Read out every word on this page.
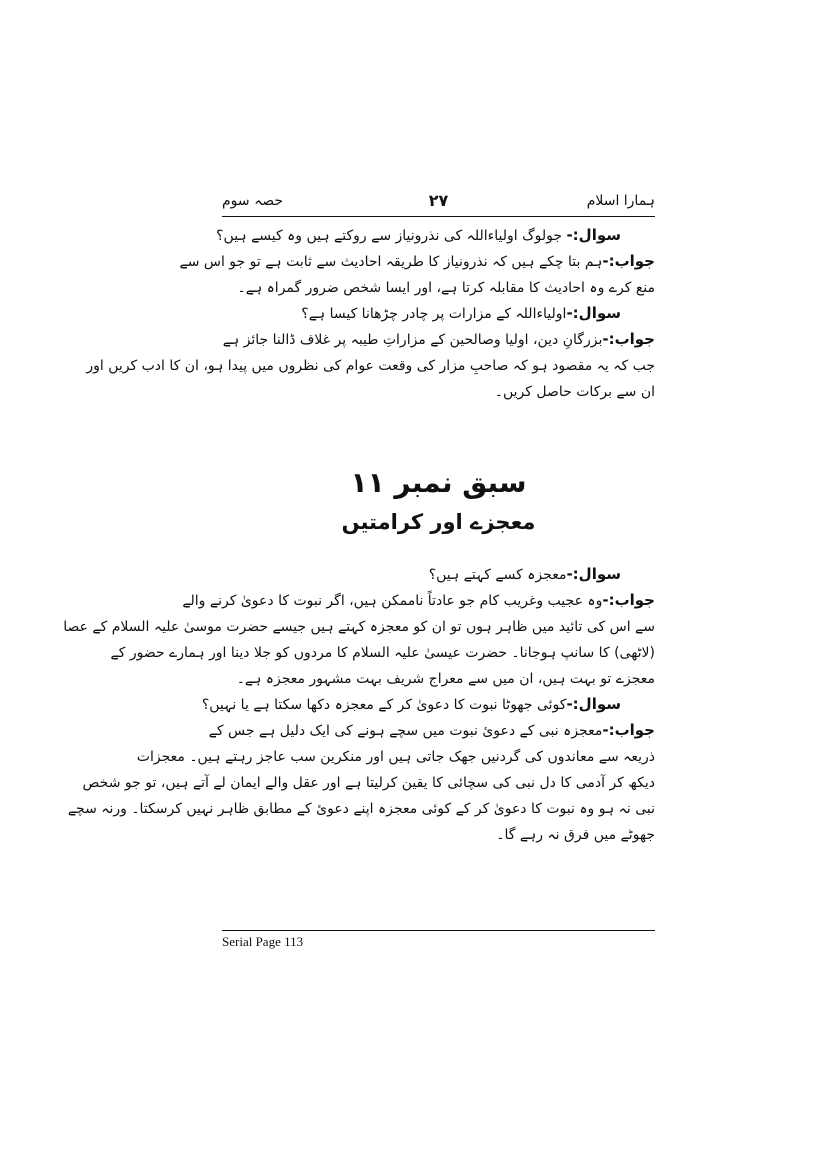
ہمارا اسلام
۲۷
حصہ سوم
سوال:- جولوگ اولیاءاللہ کی نذرونیاز سے روکتے ہیں وہ کیسے ہیں؟
جواب:-ہم بتا چکے ہیں کہ نذرونیاز کا طریقہ احادیث سے ثابت ہے تو جو اس سے
منع کرے وہ احادیث کا مقابلہ کرتا ہے، اور ایسا شخص ضرور گمراہ ہے۔
سوال:-اولیاءاللہ کے مزارات پر چادر چڑھانا کیسا ہے؟
جواب:-بزرگانِ دین، اولیا وصالحین کے مزاراتِ طیبہ پر غلاف ڈالنا جائز ہے
جب کہ یہ مقصود ہو کہ صاحبِ مزار کی وقعت عوام کی نظروں میں پیدا ہو، ان کا ادب کریں اور
ان سے برکات حاصل کریں۔
سبق نمبر ۱۱
معجزے اور کرامتیں
سوال:-معجزہ کسے کہتے ہیں؟
جواب:-وہ عجیب وغریب کام جو عادتاً ناممکن ہیں، اگر نبوت کا دعویٰ کرنے والے
سے اس کی تائید میں ظاہر ہوں تو ان کو معجزہ کہتے ہیں جیسے حضرت موسیٰ علیہ السلام کے عصا
(لاٹھی) کا سانپ ہوجانا۔ حضرت عیسیٰ علیہ السلام کا مردوں کو جلا دینا اور ہمارے حضور کے
معجزے تو بہت ہیں، ان میں سے معراج شریف بہت مشہور معجزہ ہے۔
سوال:-کوئی جھوٹا نبوت کا دعویٰ کر کے معجزہ دکھا سکتا ہے یا نہیں؟
جواب:-معجزہ نبی کے دعوئ نبوت میں سچے ہونے کی ایک دلیل ہے جس کے
ذریعہ سے معاندوں کی گردنیں جھک جاتی ہیں اور منکرین سب عاجز رہتے ہیں۔ معجزات
دیکھ کر آدمی کا دل نبی کی سچائی کا یقین کرلیتا ہے اور عقل والے ایمان لے آتے ہیں، تو جو شخص
نبی نہ ہو وہ نبوت کا دعویٰ کر کے کوئی معجزہ اپنے دعوئ کے مطابق ظاہر نہیں کرسکتا۔ ورنہ سچے
جھوٹے میں فرق نہ رہے گا۔
Serial Page 113
